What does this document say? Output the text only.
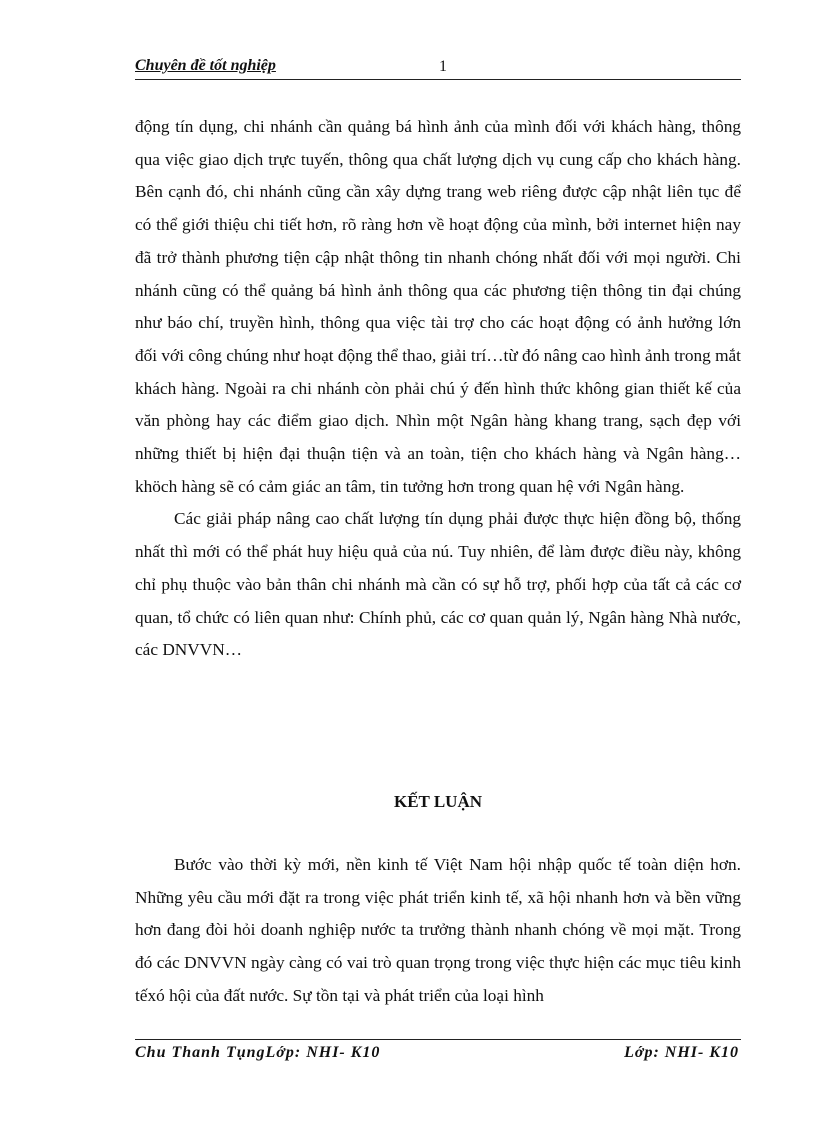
Chuyên đề tốt nghiệp	1

động tín dụng, chi nhánh cần quảng bá hình ảnh của mình đối với khách hàng, thông qua việc giao dịch trực tuyến, thông qua chất lượng dịch vụ cung cấp cho khách hàng. Bên cạnh đó, chi nhánh cũng cần xây dựng trang web riêng được cập nhật liên tục để có thể giới thiệu chi tiết hơn, rõ ràng hơn về hoạt động của mình, bởi internet hiện nay đã trở thành phương tiện cập nhật thông tin nhanh chóng nhất đối với mọi người. Chi nhánh cũng có thể quảng bá hình ảnh thông qua các phương tiện thông tin đại chúng như báo chí, truyền hình, thông qua việc tài trợ cho các hoạt động có ảnh hưởng lớn đối với công chúng như hoạt động thể thao, giải trí…từ đó nâng cao hình ảnh trong mắt khách hàng. Ngoài ra chi nhánh còn phải chú ý đến hình thức không gian thiết kế của văn phòng hay các điểm giao dịch. Nhìn một Ngân hàng khang trang, sạch đẹp với những thiết bị hiện đại thuận tiện và an toàn, tiện cho khách hàng và Ngân hàng…khöch hàng sẽ có cảm giác an tâm, tin tưởng hơn trong quan hệ với Ngân hàng.

Các giải pháp nâng cao chất lượng tín dụng phải được thực hiện đồng bộ, thống nhất thì mới có thể phát huy hiệu quả của nú. Tuy nhiên, để làm được điều này, không chỉ phụ thuộc vào bản thân chi nhánh mà cần có sự hỗ trợ, phối hợp của tất cả các cơ quan, tổ chức có liên quan như: Chính phủ, các cơ quan quản lý, Ngân hàng Nhà nước, các DNVVN…

KẾT LUẬN

Bước vào thời kỳ mới, nền kinh tế Việt Nam hội nhập quốc tế toàn diện hơn. Những yêu cầu mới đặt ra trong việc phát triển kinh tế, xã hội nhanh hơn và bền vững hơn đang đòi hỏi doanh nghiệp nước ta trưởng thành nhanh chóng về mọi mặt. Trong đó các DNVVN ngày càng có vai trò quan trọng trong việc thực hiện các mục tiêu kinh tếxó hội của đất nước. Sự tồn tại và phát triển của loại hình

Chu Thanh TụngLớp: NHI- K10	Lớp: NHI- K10
